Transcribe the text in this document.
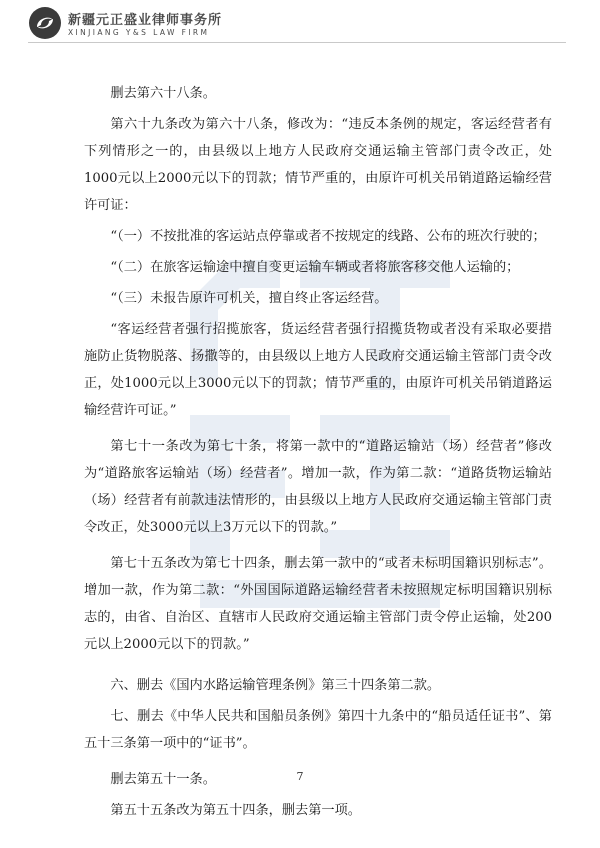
新疆元正盛业律师事务所
XINJIANG Y&S LAW FIRM

删去第六十八条。

第六十九条改为第六十八条，修改为：“违反本条例的规定，客运经营者有下列情形之一的，由县级以上地方人民政府交通运输主管部门责令改正，处1000元以上2000元以下的罚款；情节严重的，由原许可机关吊销道路运输经营许可证：

“（一）不按批准的客运站点停靠或者不按规定的线路、公布的班次行驶的；

“（二）在旅客运输途中擅自变更运输车辆或者将旅客移交他人运输的；

“（三）未报告原许可机关，擅自终止客运经营。

“客运经营者强行招揽旅客，货运经营者强行招揽货物或者没有采取必要措施防止货物脱落、扬撒等的，由县级以上地方人民政府交通运输主管部门责令改正，处1000元以上3000元以下的罚款；情节严重的，由原许可机关吊销道路运输经营许可证。”

第七十一条改为第七十条，将第一款中的“道路运输站（场）经营者”修改为“道路旅客运输站（场）经营者”。增加一款，作为第二款：“道路货物运输站（场）经营者有前款违法情形的，由县级以上地方人民政府交通运输主管部门责令改正，处3000元以上3万元以下的罚款。”

第七十五条改为第七十四条，删去第一款中的“或者未标明国籍识别标志”。增加一款，作为第二款：“外国国际道路运输经营者未按照规定标明国籍识别标志的，由省、自治区、直辖市人民政府交通运输主管部门责令停止运输，处200元以上2000元以下的罚款。”

六、删去《国内水路运输管理条例》第三十四条第二款。

七、删去《中华人民共和国船员条例》第四十九条中的“船员适任证书”、第五十三条第一项中的“证书”。

删去第五十一条。

第五十五条改为第五十四条，删去第一项。

7
